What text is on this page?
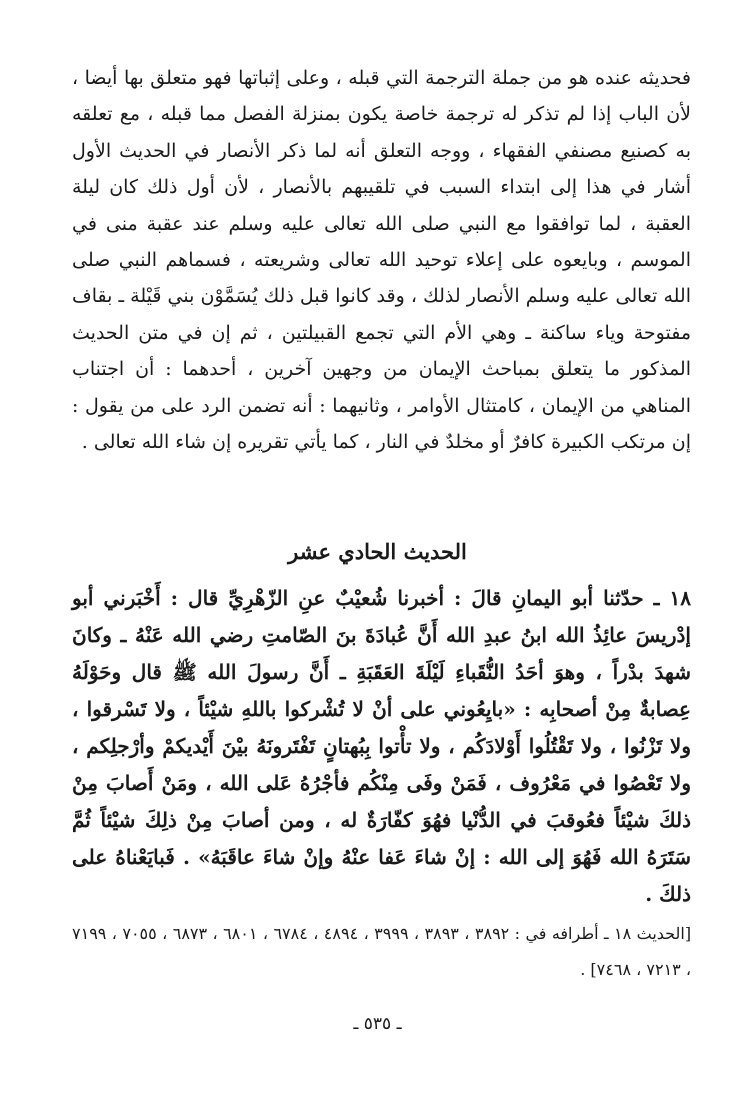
فحديثه عنده هو من جملة الترجمة التي قبله ، وعلى إثباتها فهو متعلق بها أيضا ، لأن الباب إذا لم تذكر له ترجمة خاصة يكون بمنزلة الفصل مما قبله ، مع تعلقه به كصنيع مصنفي الفقهاء ، ووجه التعلق أنه لما ذكر الأنصار في الحديث الأول أشار في هذا إلى ابتداء السبب في تلقيبهم بالأنصار ، لأن أول ذلك كان ليلة العقبة ، لما توافقوا مع النبي صلى الله تعالى عليه وسلم عند عقبة منى في الموسم ، وبايعوه على إعلاء توحيد الله تعالى وشريعته ، فسماهم النبي صلى الله تعالى عليه وسلم الأنصار لذلك ، وقد كانوا قبل ذلك يُسَمَّوْن بني قَيْلة ـ بقاف مفتوحة وياء ساكنة ـ وهي الأم التي تجمع القبيلتين ، ثم إن في متن الحديث المذكور ما يتعلق بمباحث الإيمان من وجهين آخرين ، أحدهما : أن اجتناب المناهي من الإيمان ، كامتثال الأوامر ، وثانيهما : أنه تضمن الرد على من يقول : إن مرتكب الكبيرة كافرٌ أو مخلدٌ في النار ، كما يأتي تقريره إن شاء الله تعالى .
الحديث الحادي عشر
١٨ ـ حدّثنا أبو اليمانِ قالَ : أخبرنا شُعيْبٌ عنِ الزّهْرِيِّ قال : أَخْبَرني أبو إدْريسَ عائِذُ الله ابنُ عبدِ الله أَنَّ عُبادَةَ بنَ الصّامتِ رضي الله عَنْهُ ـ وكانَ شهدَ بدْراً ، وهوَ أحَدُ النُّقَباءِ لَيْلَةَ العَقَبَةِ ـ أَنَّ رسولَ الله ﷺ قال وحَوْلَهُ عِصابةٌ مِنْ أصحابِه : «بايِعُوني على أنْ لا تُشْركوا باللهِ شيْئاً ، ولا تَسْرقوا ، ولا تَزْنُوا ، ولا تَقْتُلُوا أَوْلادَكُم ، ولا تأْتوا بِبُهتانٍ تَفْتَرونَهُ بيْنَ أَيْديكمْ وأرْجلِكم ، ولا تَعْصُوا في مَعْرُوف ، فَمَنْ وفَى مِنْكُم فأجْرُهُ عَلى الله ، ومَنْ أَصابَ مِنْ ذلكَ شيْئاً فعُوقبَ في الدُّنْيا فهُوَ كفّارَةٌ له ، ومن أصابَ مِنْ ذلِكَ شيْئاً ثُمَّ سَتَرَهُ الله فَهُوَ إلى الله : إنْ شاءَ عَفا عنْهُ وإنْ شاءَ عاقَبَهُ» . فَبايَعْناهُ على ذلكَ .
[الحديث ١٨ ـ أطرافه في : ٣٨٩٢ ، ٣٨٩٣ ، ٣٩٩٩ ، ٤٨٩٤ ، ٦٧٨٤ ، ٦٨٠١ ، ٦٨٧٣ ، ٧٠٥٥ ، ٧١٩٩ ، ٧٢١٣ ، ٧٤٦٨] .
ـ ٥٣٥ ـ
